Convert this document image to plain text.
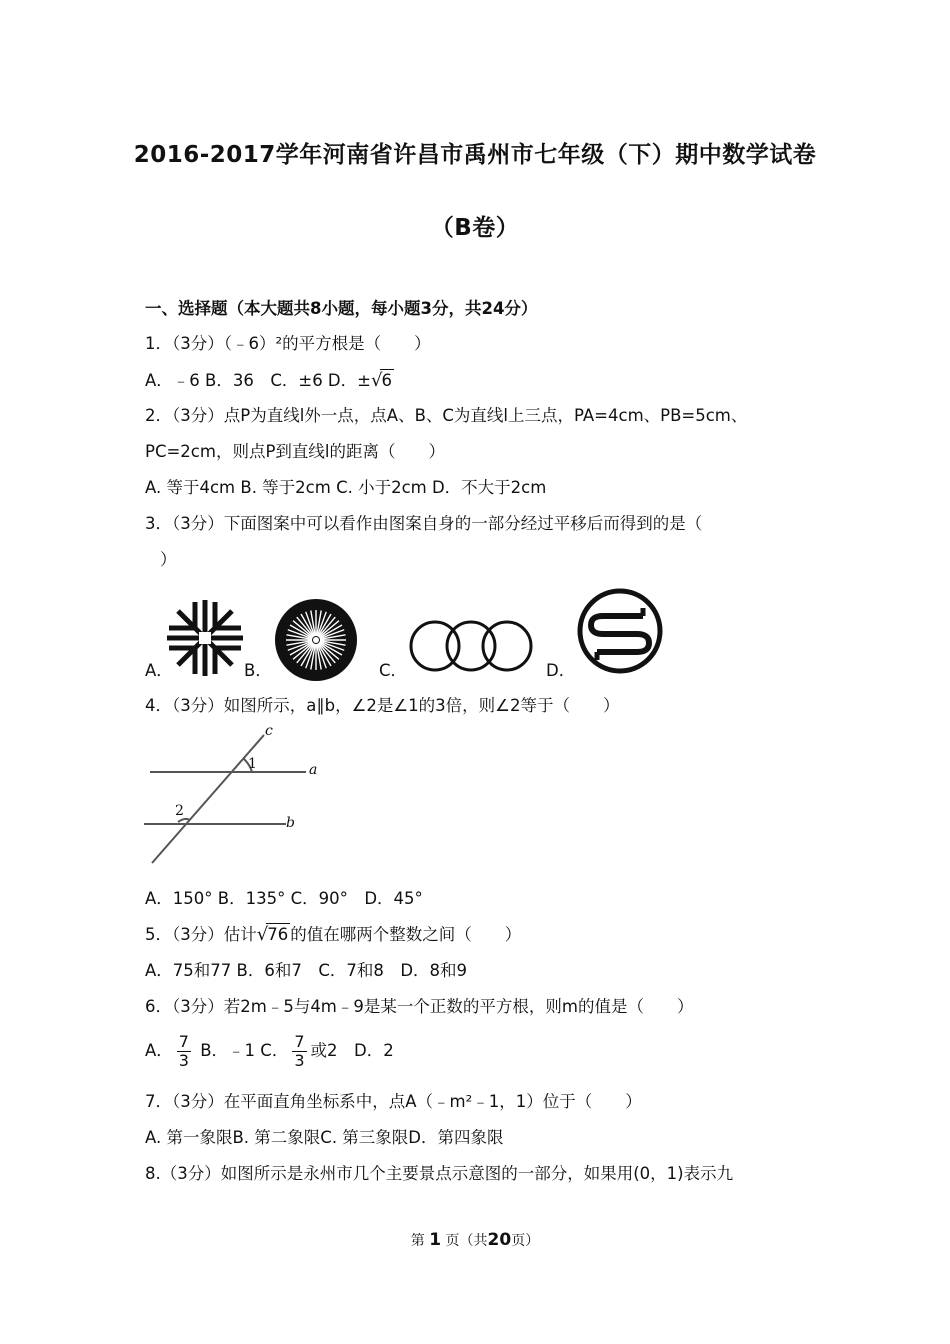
2016-2017学年河南省许昌市禹州市七年级（下）期中数学试卷
（B卷）
一、选择题（本大题共8小题，每小题3分，共24分）
1．（3分）（﹣6）²的平方根是（　　）
A．﹣6 B．36　C．±6 D．±√6
2．（3分）点P为直线l外一点，点A、B、C为直线l上三点，PA=4cm、PB=5cm、
PC=2cm，则点P到直线l的距离（　　）
A. 等于4cm B. 等于2cm C. 小于2cm D．不大于2cm
3．（3分）下面图案中可以看作由图案自身的一部分经过平移后而得到的是（
）
A．	B．	C．	D．
4．（3分）如图所示，a∥b，∠2是∠1的3倍，则∠2等于（　　）
c
a
b
1
2
A．150° B．135° C．90°　D．45°
5．（3分）估计√76 的值在哪两个整数之间（　　）
A．75和77 B．6和7　C．7和8　D．8和9
6．（3分）若2m﹣5与4m﹣9是某一个正数的平方根，则m的值是（　　）
A． $\frac{7}{3}$ B．﹣1 C． $\frac{7}{3}$ 或2　D．2
7．（3分）在平面直角坐标系中，点A（﹣m²﹣1，1）位于（　　）
A. 第一象限B. 第二象限C. 第三象限D．第四象限
8.（3分）如图所示是永州市几个主要景点示意图的一部分，如果用(0，1)表示九
第 1 页（共20页）
